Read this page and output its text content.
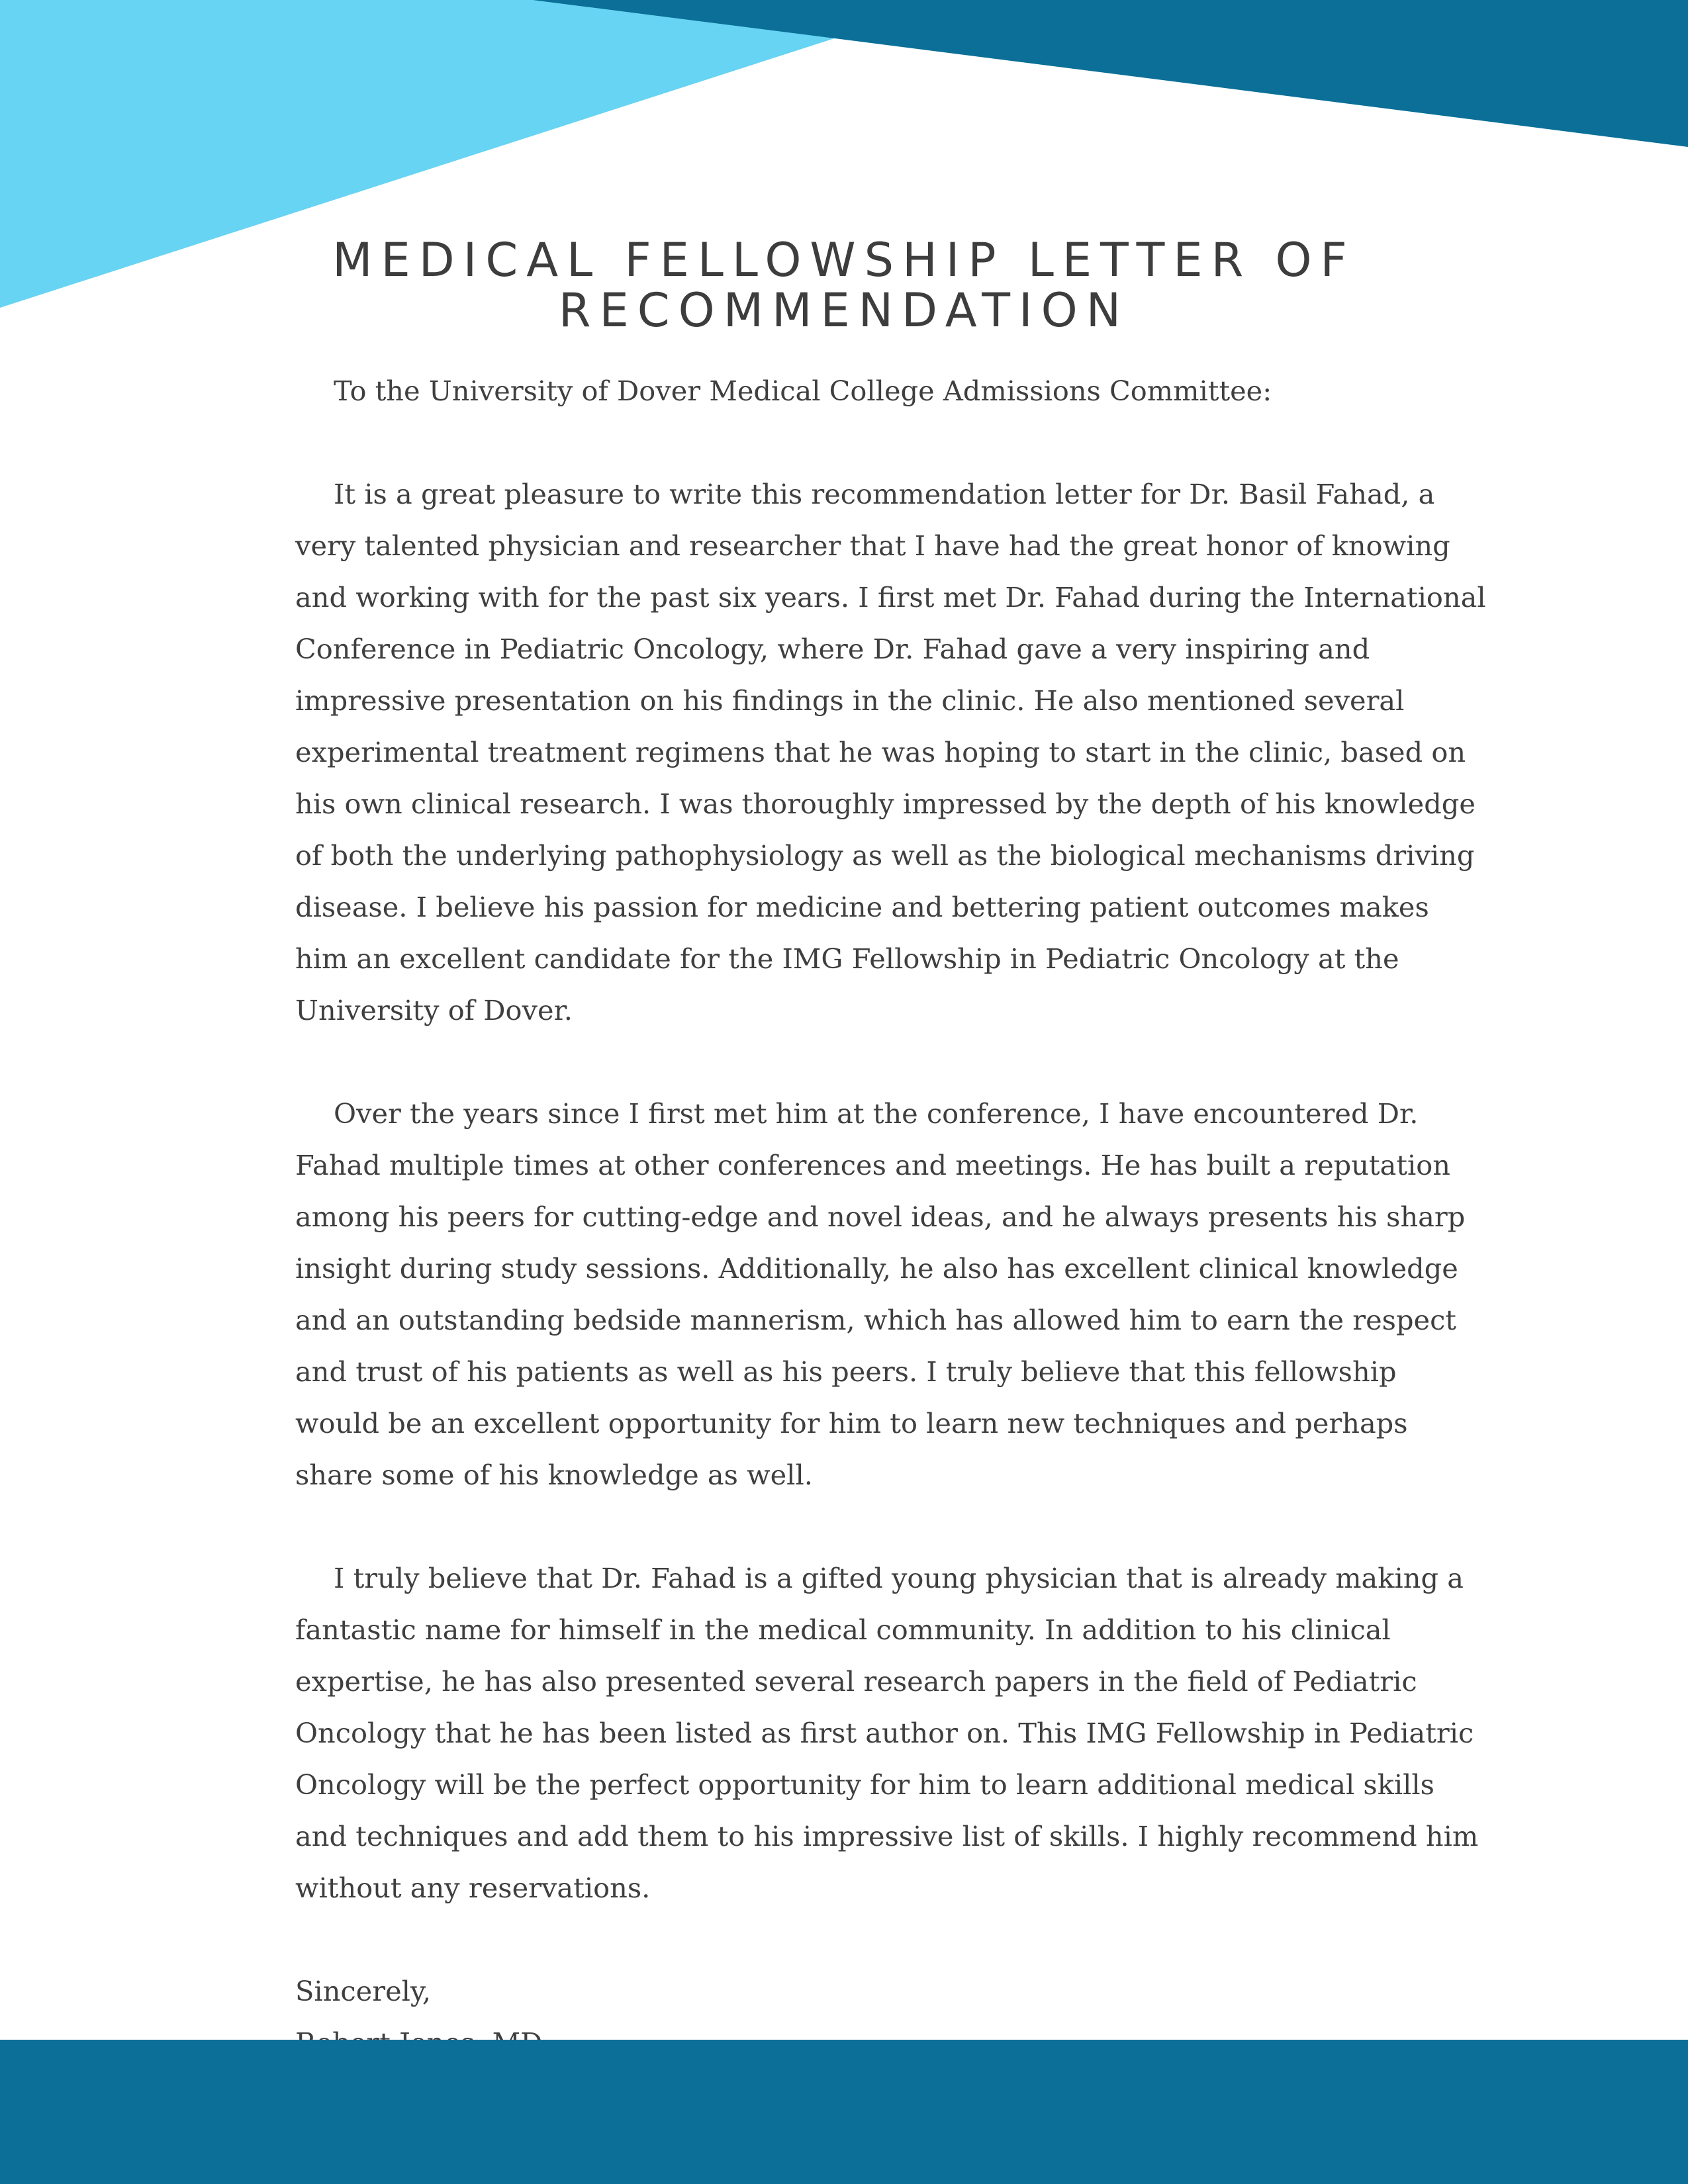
MEDICAL FELLOWSHIP LETTER OF RECOMMENDATION

To the University of Dover Medical College Admissions Committee:

It is a great pleasure to write this recommendation letter for Dr. Basil Fahad, a very talented physician and researcher that I have had the great honor of knowing and working with for the past six years. I first met Dr. Fahad during the International Conference in Pediatric Oncology, where Dr. Fahad gave a very inspiring and impressive presentation on his findings in the clinic. He also mentioned several experimental treatment regimens that he was hoping to start in the clinic, based on his own clinical research. I was thoroughly impressed by the depth of his knowledge of both the underlying pathophysiology as well as the biological mechanisms driving disease. I believe his passion for medicine and bettering patient outcomes makes him an excellent candidate for the IMG Fellowship in Pediatric Oncology at the University of Dover.

Over the years since I first met him at the conference, I have encountered Dr. Fahad multiple times at other conferences and meetings. He has built a reputation among his peers for cutting-edge and novel ideas, and he always presents his sharp insight during study sessions. Additionally, he also has excellent clinical knowledge and an outstanding bedside mannerism, which has allowed him to earn the respect and trust of his patients as well as his peers. I truly believe that this fellowship would be an excellent opportunity for him to learn new techniques and perhaps share some of his knowledge as well.

I truly believe that Dr. Fahad is a gifted young physician that is already making a fantastic name for himself in the medical community. In addition to his clinical expertise, he has also presented several research papers in the field of Pediatric Oncology that he has been listed as first author on. This IMG Fellowship in Pediatric Oncology will be the perfect opportunity for him to learn additional medical skills and techniques and add them to his impressive list of skills. I highly recommend him without any reservations.

Sincerely,
